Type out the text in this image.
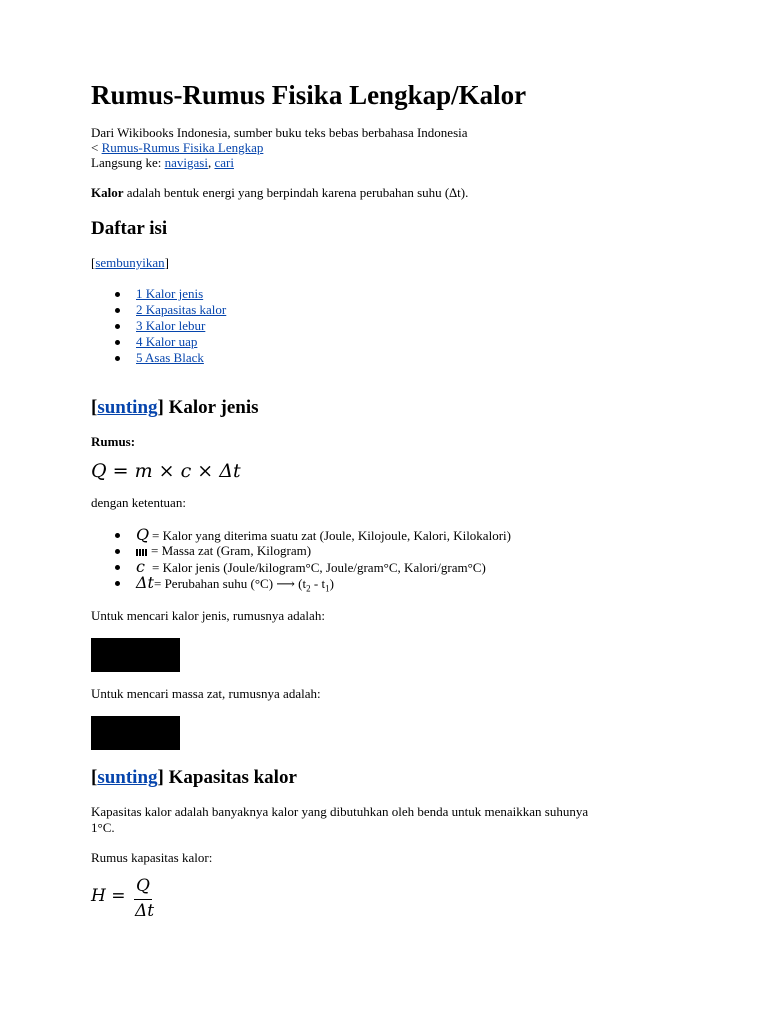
Rumus-Rumus Fisika Lengkap/Kalor
Dari Wikibooks Indonesia, sumber buku teks bebas berbahasa Indonesia
< Rumus-Rumus Fisika Lengkap
Langsung ke: navigasi, cari
Kalor adalah bentuk energi yang berpindah karena perubahan suhu (∆t).
Daftar isi
[sembunyikan]
1 Kalor jenis
2 Kapasitas kalor
3 Kalor lebur
4 Kalor uap
5 Asas Black
[sunting] Kalor jenis
Rumus:
Q = m × c × Δt
dengan ketentuan:
Q = Kalor yang diterima suatu zat (Joule, Kilojoule, Kalori, Kilokalori)
= Massa zat (Gram, Kilogram)
c = Kalor jenis (Joule/kilogram°C, Joule/gram°C, Kalori/gram°C)
Δt= Perubahan suhu (°C) ⟶ $(t_2 - t_1)$
Untuk mencari kalor jenis, rumusnya adalah:
Untuk mencari massa zat, rumusnya adalah:
[sunting] Kapasitas kalor
Kapasitas kalor adalah banyaknya kalor yang dibutuhkan oleh benda untuk menaikkan suhunya
1°C.
Rumus kapasitas kalor:
H = Q
Δt
